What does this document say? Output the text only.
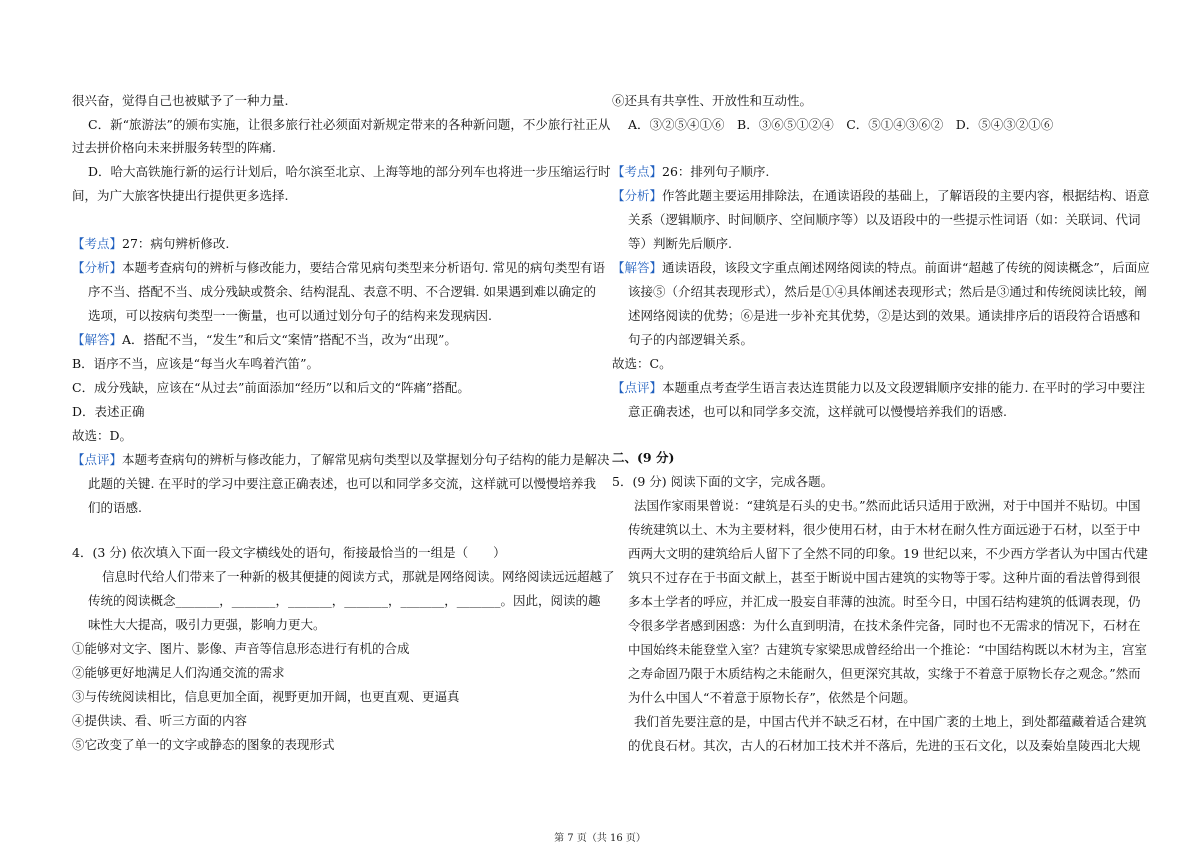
很兴奋，觉得自己也被赋予了一种力量.
C．新“旅游法”的颁布实施，让很多旅行社必须面对新规定带来的各种新问题，不少旅行社正从
过去拼价格向未来拼服务转型的阵痛.
D．哈大高铁施行新的运行计划后，哈尔滨至北京、上海等地的部分列车也将进一步压缩运行时
间，为广大旅客快捷出行提供更多选择.
【考点】27：病句辨析修改.
【分析】本题考查病句的辨析与修改能力，要结合常见病句类型来分析语句. 常见的病句类型有语
序不当、搭配不当、成分残缺或赘余、结构混乱、表意不明、不合逻辑. 如果遇到难以确定的
选项，可以按病句类型一一衡量，也可以通过划分句子的结构来发现病因.
【解答】A．搭配不当，“发生”和后文“案情”搭配不当，改为“出现”。
B．语序不当，应该是“每当火车鸣着汽笛”。
C．成分残缺，应该在“从过去”前面添加“经历”以和后文的“阵痛”搭配。
D．表述正确
故选：D。
【点评】本题考查病句的辨析与修改能力，了解常见病句类型以及掌握划分句子结构的能力是解决
此题的关键. 在平时的学习中要注意正确表述，也可以和同学多交流，这样就可以慢慢培养我
们的语感.
4．(3 分) 依次填入下面一段文字横线处的语句，衔接最恰当的一组是（　　）
信息时代给人们带来了一种新的极其便捷的阅读方式，那就是网络阅读。网络阅读远远超越了
传统的阅读概念_______，_______，_______，_______，_______，_______。因此，阅读的趣
味性大大提高，吸引力更强，影响力更大。
①能够对文字、图片、影像、声音等信息形态进行有机的合成
②能够更好地满足人们沟通交流的需求
③与传统阅读相比，信息更加全面，视野更加开阔，也更直观、更逼真
④提供读、看、听三方面的内容
⑤它改变了单一的文字或静态的图象的表现形式
⑥还具有共享性、开放性和互动性。
A．③②⑤④①⑥　B．③⑥⑤①②④　C．⑤①④③⑥②　D．⑤④③②①⑥
【考点】26：排列句子顺序.
【分析】作答此题主要运用排除法，在通读语段的基础上，了解语段的主要内容，根据结构、语意
关系（逻辑顺序、时间顺序、空间顺序等）以及语段中的一些提示性词语（如：关联词、代词
等）判断先后顺序.
【解答】通读语段，该段文字重点阐述网络阅读的特点。前面讲“超越了传统的阅读概念”，后面应
该接⑤（介绍其表现形式），然后是①④具体阐述表现形式；然后是③通过和传统阅读比较，阐
述网络阅读的优势；⑥是进一步补充其优势，②是达到的效果。通读排序后的语段符合语感和
句子的内部逻辑关系。
故选：C。
【点评】本题重点考查学生语言表达连贯能力以及文段逻辑顺序安排的能力. 在平时的学习中要注
意正确表述，也可以和同学多交流，这样就可以慢慢培养我们的语感.
二、(9 分)
5．(9 分) 阅读下面的文字，完成各题。
法国作家雨果曾说：“建筑是石头的史书。”然而此话只适用于欧洲，对于中国并不贴切。中国
传统建筑以土、木为主要材料，很少使用石材，由于木材在耐久性方面远逊于石材，以至于中
西两大文明的建筑给后人留下了全然不同的印象。19 世纪以来，不少西方学者认为中国古代建
筑只不过存在于书面文献上，甚至于断说中国古建筑的实物等于零。这种片面的看法曾得到很
多本土学者的呼应，并汇成一股妄自菲薄的浊流。时至今日，中国石结构建筑的低调表现，仍
令很多学者感到困惑：为什么直到明清，在技术条件完备，同时也不无需求的情况下，石材在
中国始终未能登堂入室？古建筑专家梁思成曾经给出一个推论：“中国结构既以木材为主，宫室
之寿命固乃限于木质结构之未能耐久，但更深究其故，实缘于不着意于原物长存之观念。”然而
为什么中国人“不着意于原物长存”，依然是个问题。
我们首先要注意的是，中国古代并不缺乏石材，在中国广袤的土地上，到处都蕴藏着适合建筑
的优良石材。其次，古人的石材加工技术并不落后，先进的玉石文化，以及秦始皇陵西北大规
第 7 页（共 16 页）
